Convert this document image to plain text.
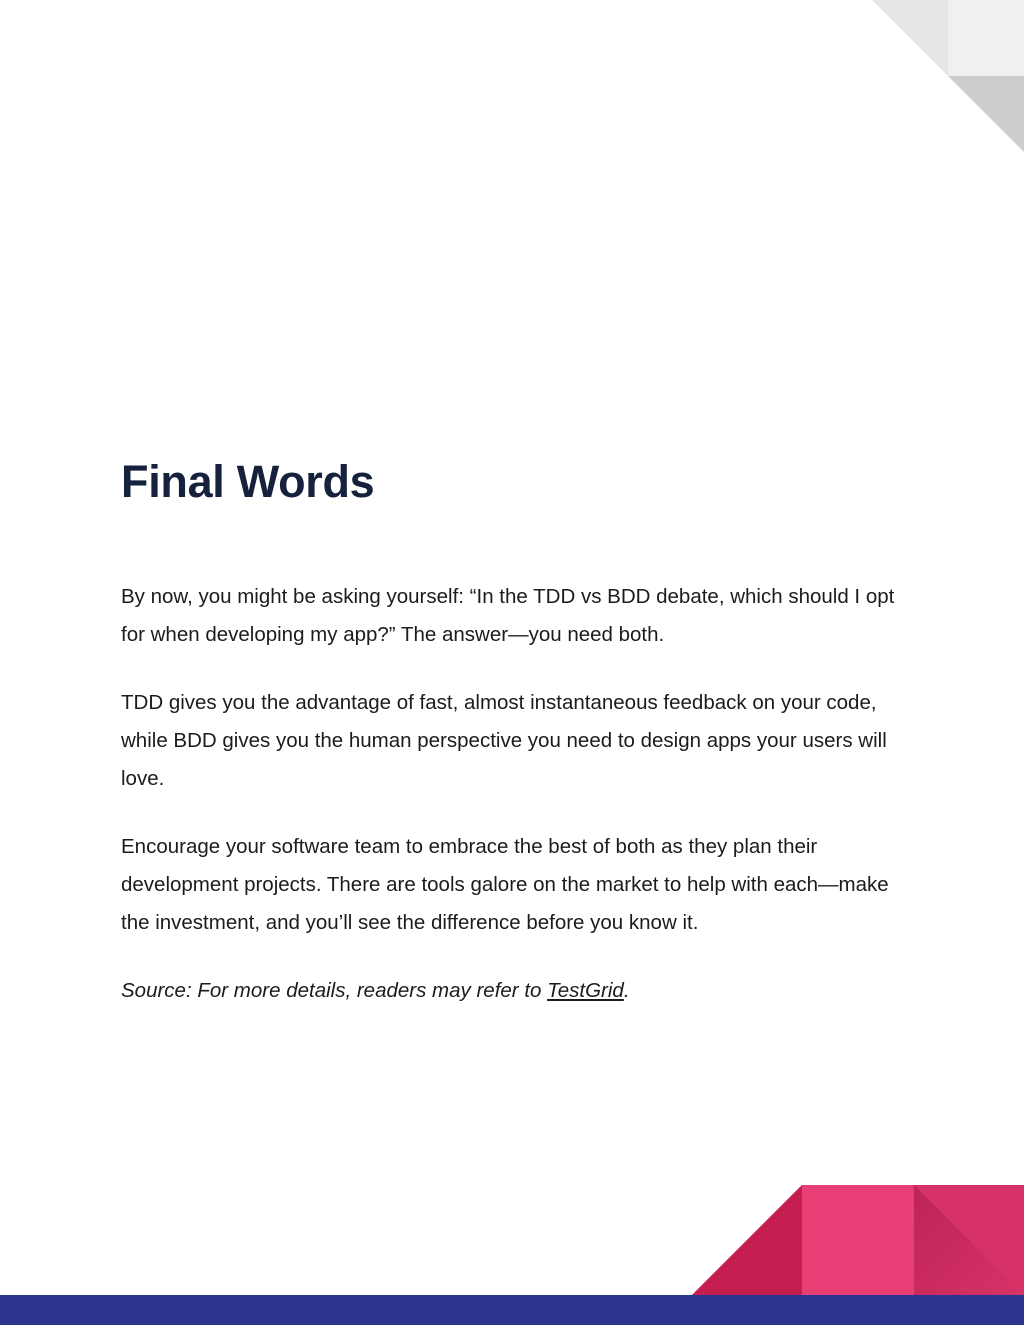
Final Words

By now, you might be asking yourself: “In the TDD vs BDD debate, which should I opt for when developing my app?” The answer—you need both.

TDD gives you the advantage of fast, almost instantaneous feedback on your code, while BDD gives you the human perspective you need to design apps your users will love.

Encourage your software team to embrace the best of both as they plan their development projects. There are tools galore on the market to help with each—make the investment, and you’ll see the difference before you know it.

Source: For more details, readers may refer to TestGrid.
